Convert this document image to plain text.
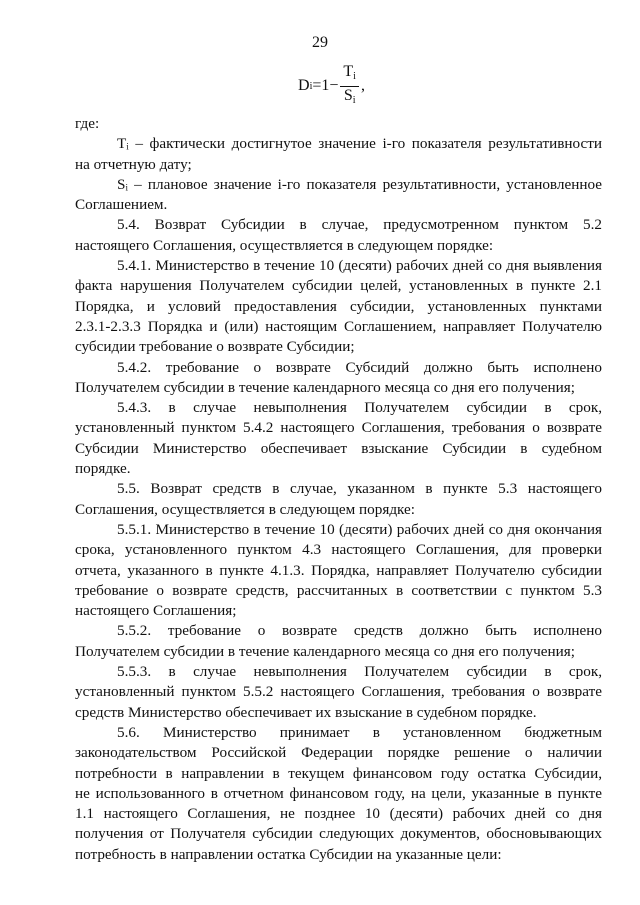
29
D $i =1- \frac{T_i}{S_i}$ ,

где:

Тᵢ – фактически достигнутое значение i-го показателя результативности
на отчетную дату;

Sᵢ – плановое значение i-го показателя результативности, установленное
Соглашением.

5.4. Возврат Субсидии в случае, предусмотренном пунктом 5.2
настоящего Соглашения, осуществляется в следующем порядке:

5.4.1. Министерство в течение 10 (десяти) рабочих дней со дня выявления
факта нарушения Получателем субсидии целей, установленных в пункте 2.1
Порядка, и условий предоставления субсидии, установленных пунктами
2.3.1-2.3.3 Порядка и (или) настоящим Соглашением, направляет Получателю
субсидии требование о возврате Субсидии;

5.4.2. требование о возврате Субсидий должно быть исполнено
Получателем субсидии в течение календарного месяца со дня его получения;

5.4.3. в случае невыполнения Получателем субсидии в срок,
установленный пунктом 5.4.2 настоящего Соглашения, требования о возврате
Субсидии Министерство обеспечивает взыскание Субсидии в судебном
порядке.

5.5. Возврат средств в случае, указанном в пункте 5.3 настоящего
Соглашения, осуществляется в следующем порядке:

5.5.1. Министерство в течение 10 (десяти) рабочих дней со дня окончания
срока, установленного пунктом 4.3 настоящего Соглашения, для проверки
отчета, указанного в пункте 4.1.3. Порядка, направляет Получателю субсидии
требование о возврате средств, рассчитанных в соответствии с пунктом 5.3
настоящего Соглашения;

5.5.2. требование о возврате средств должно быть исполнено
Получателем субсидии в течение календарного месяца со дня его получения;

5.5.3. в случае невыполнения Получателем субсидии в срок,
установленный пунктом 5.5.2 настоящего Соглашения, требования о возврате
средств Министерство обеспечивает их взыскание в судебном порядке.

5.6. Министерство принимает в установленном бюджетным
законодательством Российской Федерации порядке решение о наличии
потребности в направлении в текущем финансовом году остатка Субсидии,
не использованного в отчетном финансовом году, на цели, указанные в пункте
1.1 настоящего Соглашения, не позднее 10 (десяти) рабочих дней со дня
получения от Получателя субсидии следующих документов, обосновывающих
потребность в направлении остатка Субсидии на указанные цели:
